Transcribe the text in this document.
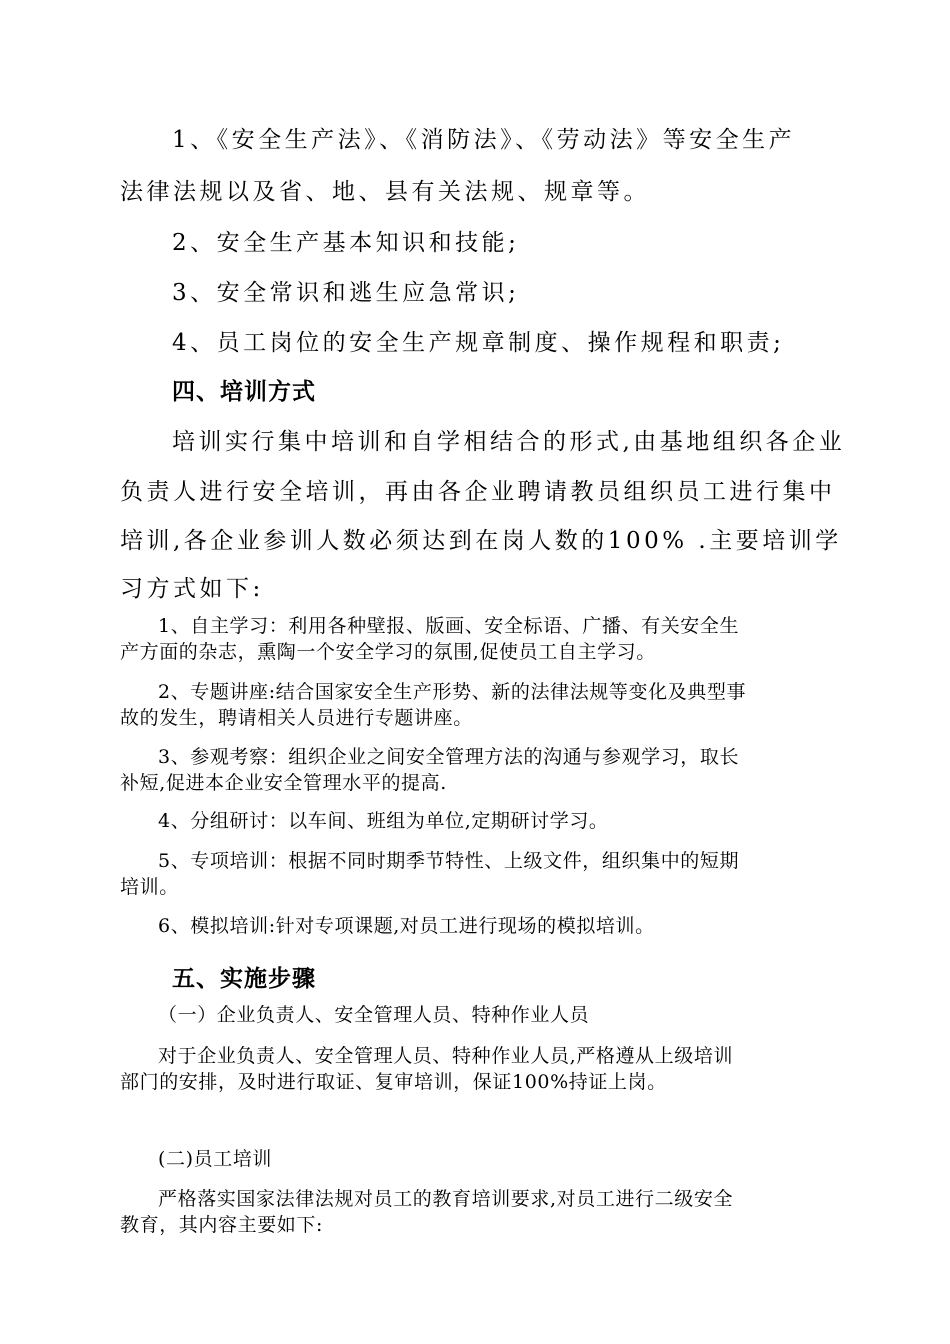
1、《安全生产法》、《消防法》、《劳动法》等安全生产
法律法规以及省、地、县有关法规、规章等。
2、安全生产基本知识和技能;
3、安全常识和逃生应急常识;
4、员工岗位的安全生产规章制度、操作规程和职责;
四、培训方式
培训实行集中培训和自学相结合的形式,由基地组织各企业
负责人进行安全培训，再由各企业聘请教员组织员工进行集中
培训,各企业参训人数必须达到在岗人数的100% .主要培训学
习方式如下:
1、自主学习：利用各种壁报、版画、安全标语、广播、有关安全生
产方面的杂志，熏陶一个安全学习的氛围,促使员工自主学习。
2、专题讲座:结合国家安全生产形势、新的法律法规等变化及典型事
故的发生，聘请相关人员进行专题讲座。
3、参观考察：组织企业之间安全管理方法的沟通与参观学习，取长
补短,促进本企业安全管理水平的提高.
4、分组研讨：以车间、班组为单位,定期研讨学习。
5、专项培训：根据不同时期季节特性、上级文件，组织集中的短期
培训。
6、模拟培训:针对专项课题,对员工进行现场的模拟培训。
五、实施步骤
（一）企业负责人、安全管理人员、特种作业人员
对于企业负责人、安全管理人员、特种作业人员,严格遵从上级培训
部门的安排，及时进行取证、复审培训，保证100%持证上岗。
(二)员工培训
严格落实国家法律法规对员工的教育培训要求,对员工进行二级安全
教育，其内容主要如下:
